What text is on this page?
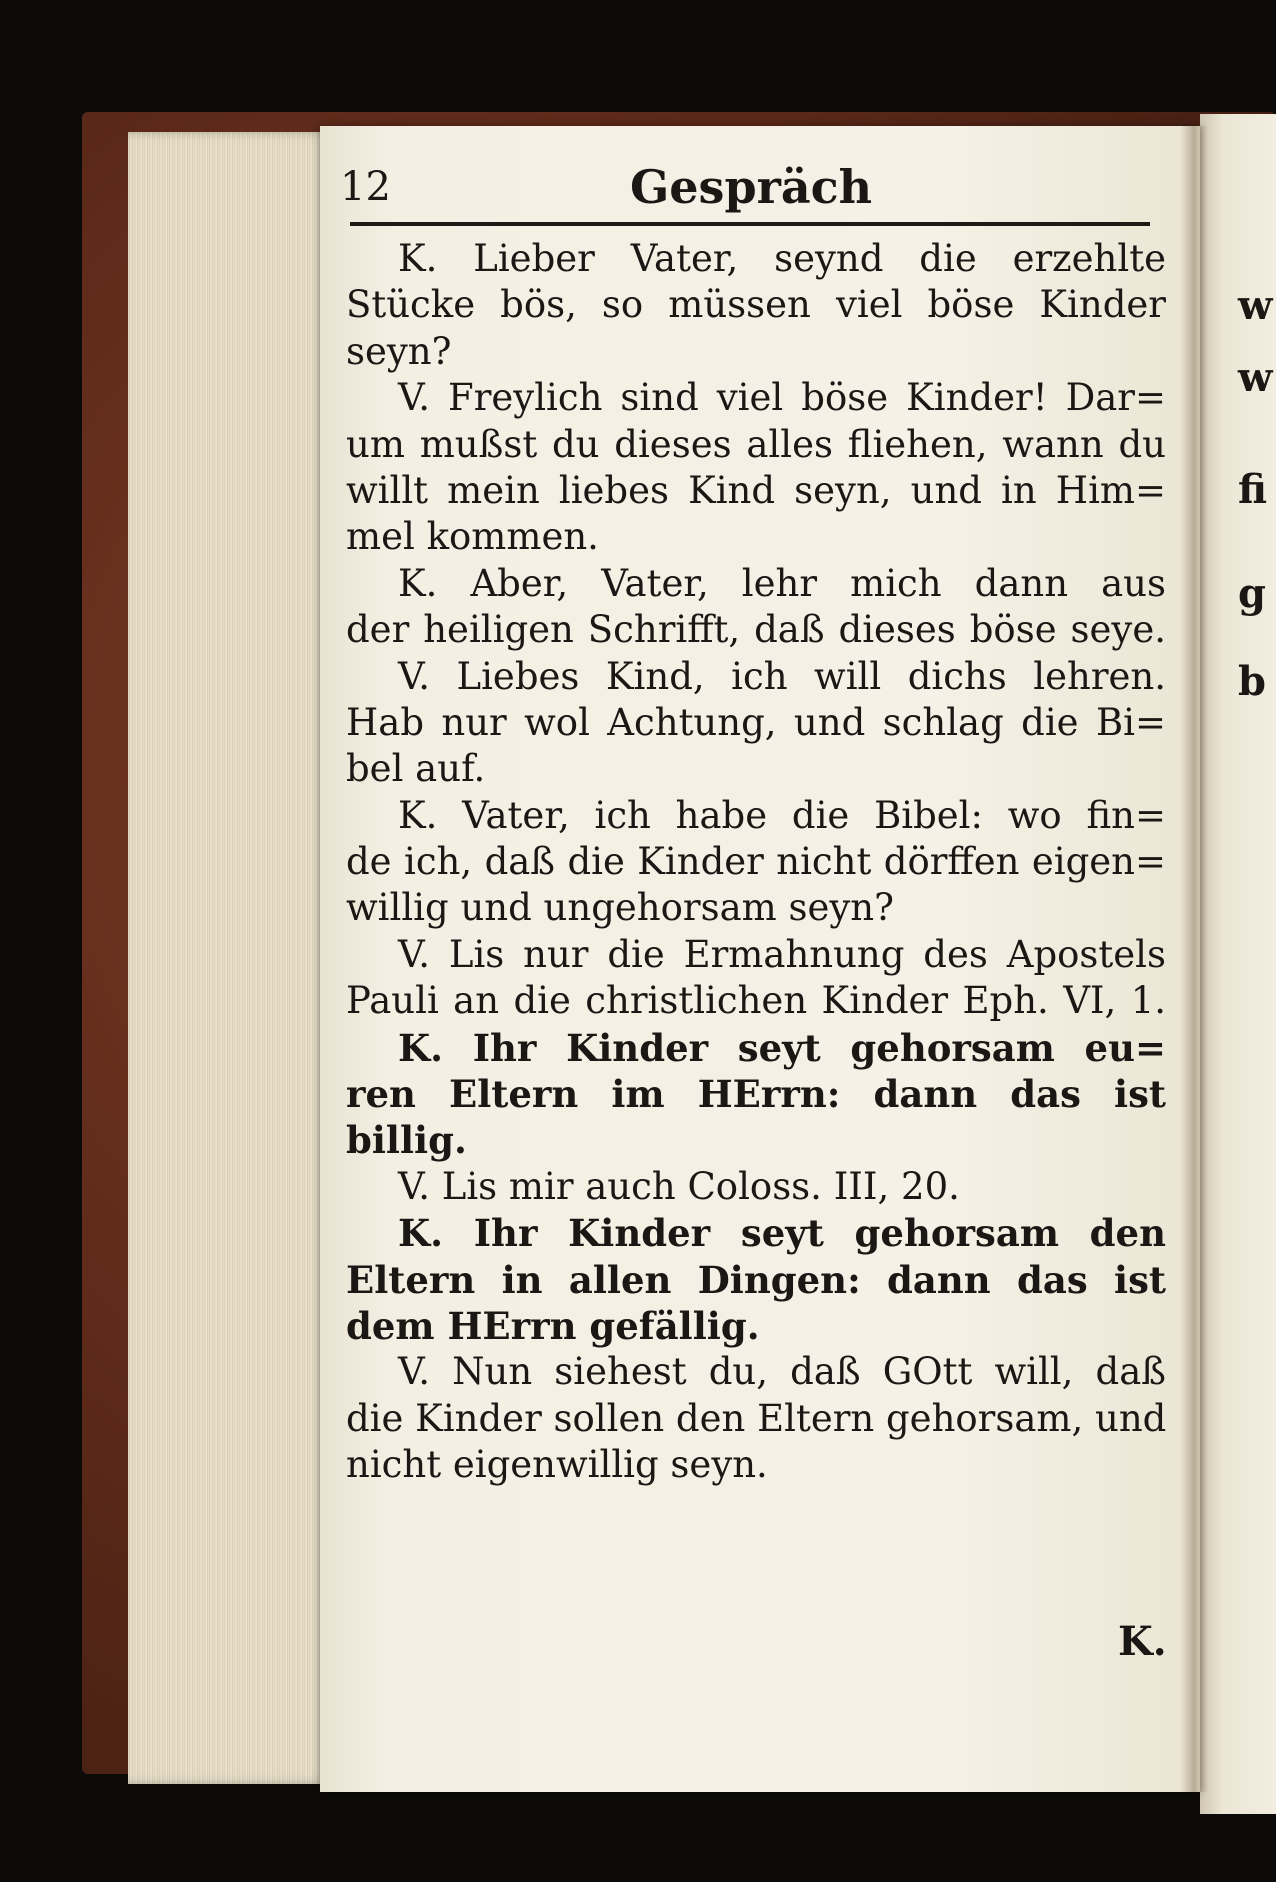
12	Gespräch
K. Lieber Vater, seynd die erzehlte
Stücke bös, so müssen viel böse Kinder
seyn?
V. Freylich sind viel böse Kinder! Dar=
um mußst du dieses alles fliehen, wann du
willt mein liebes Kind seyn, und in Him=
mel kommen.
K. Aber, Vater, lehr mich dann aus
der heiligen Schrifft, daß dieses böse seye.
V. Liebes Kind, ich will dichs lehren.
Hab nur wol Achtung, und schlag die Bi=
bel auf.
K. Vater, ich habe die Bibel: wo fin=
de ich, daß die Kinder nicht dörffen eigen=
willig und ungehorsam seyn?
V. Lis nur die Ermahnung des Apostels
Pauli an die christlichen Kinder Eph. VI, 1.
K. Ihr Kinder seyt gehorsam eu=
ren Eltern im HErrn: dann das ist
billig.
V. Lis mir auch Coloss. III, 20.
K. Ihr Kinder seyt gehorsam den
Eltern in allen Dingen: dann das ist
dem HErrn gefällig.
V. Nun siehest du, daß GOtt will, daß
die Kinder sollen den Eltern gehorsam, und
nicht eigenwillig seyn.
K.
w
w
fi
g
b
